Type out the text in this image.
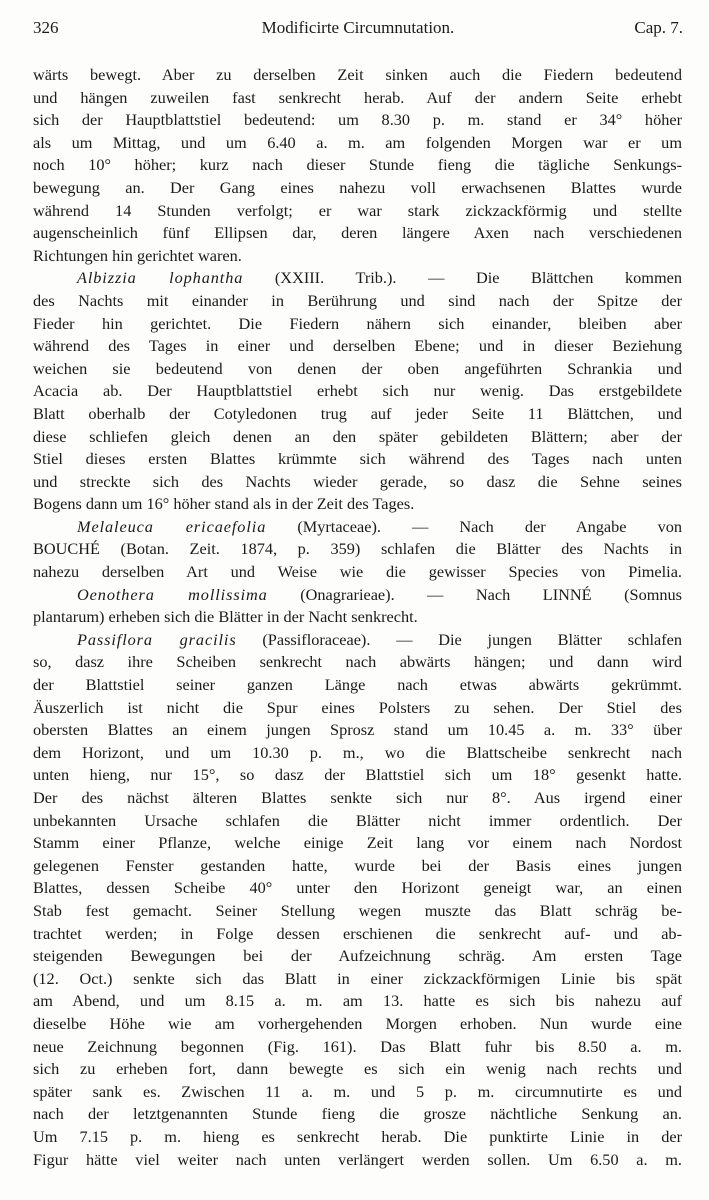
326	Modificirte Circumnutation.	Cap. 7.
wärts bewegt. Aber zu derselben Zeit sinken auch die Fiedern bedeutend
und hängen zuweilen fast senkrecht herab. Auf der andern Seite erhebt
sich der Hauptblattstiel bedeutend: um 8.30 p. m. stand er 34° höher
als um Mittag, und um 6.40 a. m. am folgenden Morgen war er um
noch 10° höher; kurz nach dieser Stunde fieng die tägliche Senkungs-
bewegung an. Der Gang eines nahezu voll erwachsenen Blattes wurde
während 14 Stunden verfolgt; er war stark zickzackförmig und stellte
augenscheinlich fünf Ellipsen dar, deren längere Axen nach verschiedenen
Richtungen hin gerichtet waren.
Albizzia lophantha (XXIII. Trib.). — Die Blättchen kommen
des Nachts mit einander in Berührung und sind nach der Spitze der
Fieder hin gerichtet. Die Fiedern nähern sich einander, bleiben aber
während des Tages in einer und derselben Ebene; und in dieser Beziehung
weichen sie bedeutend von denen der oben angeführten Schrankia und
Acacia ab. Der Hauptblattstiel erhebt sich nur wenig. Das erstgebildete
Blatt oberhalb der Cotyledonen trug auf jeder Seite 11 Blättchen, und
diese schliefen gleich denen an den später gebildeten Blättern; aber der
Stiel dieses ersten Blattes krümmte sich während des Tages nach unten
und streckte sich des Nachts wieder gerade, so dasz die Sehne seines
Bogens dann um 16° höher stand als in der Zeit des Tages.
Melaleuca ericaefolia (Myrtaceae). — Nach der Angabe von
BOUCHÉ (Botan. Zeit. 1874, p. 359) schlafen die Blätter des Nachts in
nahezu derselben Art und Weise wie die gewisser Species von Pimelia.
Oenothera mollissima (Onagrarieae). — Nach LINNÉ (Somnus
plantarum) erheben sich die Blätter in der Nacht senkrecht.
Passiflora gracilis (Passifloraceae). — Die jungen Blätter schlafen
so, dasz ihre Scheiben senkrecht nach abwärts hängen; und dann wird
der Blattstiel seiner ganzen Länge nach etwas abwärts gekrümmt.
Äuszerlich ist nicht die Spur eines Polsters zu sehen. Der Stiel des
obersten Blattes an einem jungen Sprosz stand um 10.45 a. m. 33° über
dem Horizont, und um 10.30 p. m., wo die Blattscheibe senkrecht nach
unten hieng, nur 15°, so dasz der Blattstiel sich um 18° gesenkt hatte.
Der des nächst älteren Blattes senkte sich nur 8°. Aus irgend einer
unbekannten Ursache schlafen die Blätter nicht immer ordentlich. Der
Stamm einer Pflanze, welche einige Zeit lang vor einem nach Nordost
gelegenen Fenster gestanden hatte, wurde bei der Basis eines jungen
Blattes, dessen Scheibe 40° unter den Horizont geneigt war, an einen
Stab fest gemacht. Seiner Stellung wegen muszte das Blatt schräg be-
trachtet werden; in Folge dessen erschienen die senkrecht auf- und ab-
steigenden Bewegungen bei der Aufzeichnung schräg. Am ersten Tage
(12. Oct.) senkte sich das Blatt in einer zickzackförmigen Linie bis spät
am Abend, und um 8.15 a. m. am 13. hatte es sich bis nahezu auf
dieselbe Höhe wie am vorhergehenden Morgen erhoben. Nun wurde eine
neue Zeichnung begonnen (Fig. 161). Das Blatt fuhr bis 8.50 a. m.
sich zu erheben fort, dann bewegte es sich ein wenig nach rechts und
später sank es. Zwischen 11 a. m. und 5 p. m. circumnutirte es und
nach der letztgenannten Stunde fieng die grosze nächtliche Senkung an.
Um 7.15 p. m. hieng es senkrecht herab. Die punktirte Linie in der
Figur hätte viel weiter nach unten verlängert werden sollen. Um 6.50 a. m.
